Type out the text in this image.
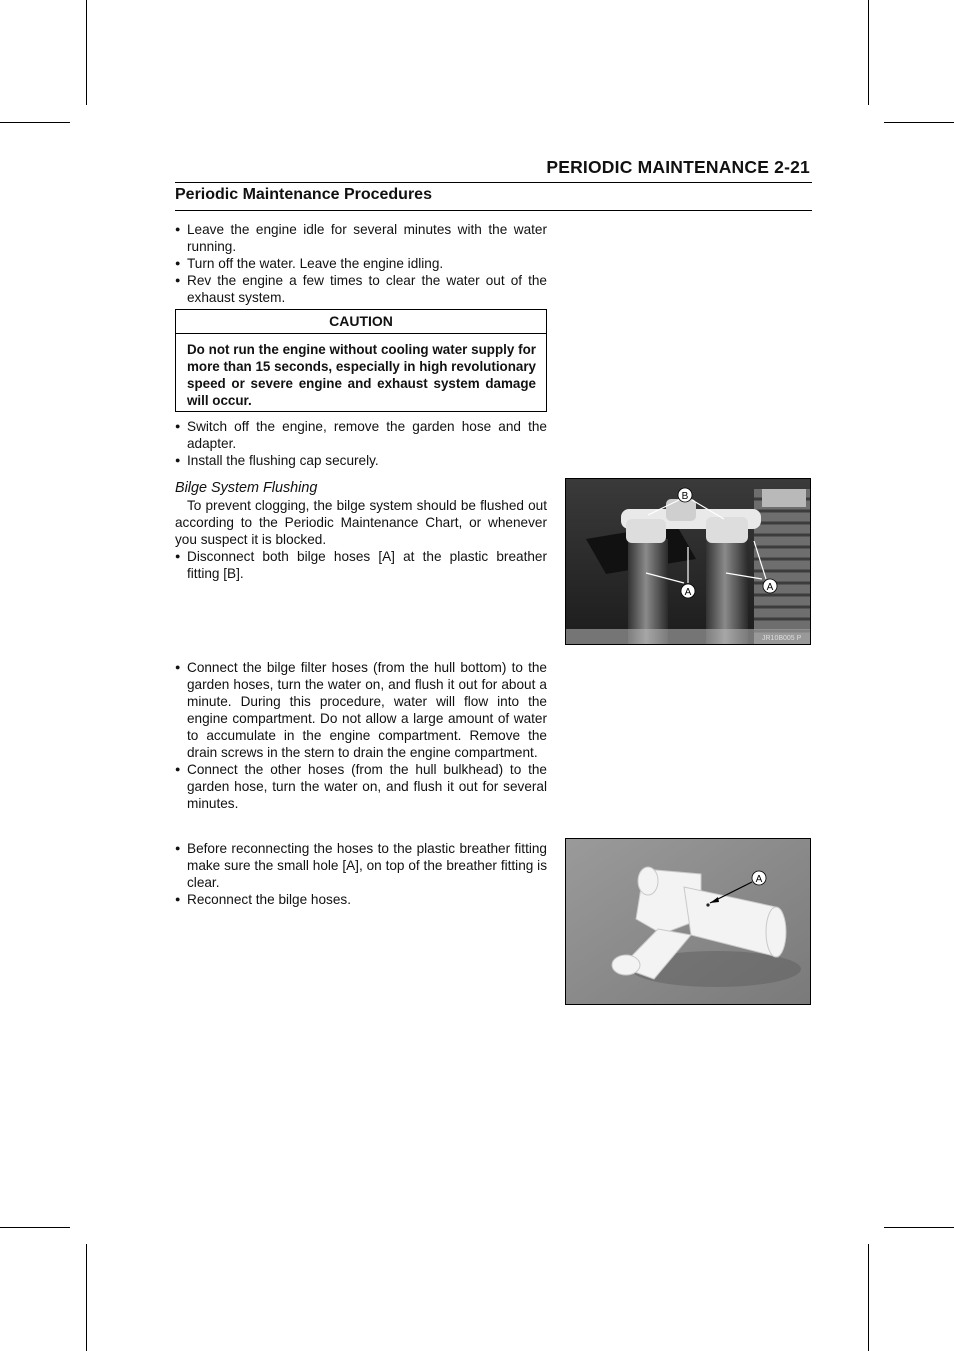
PERIODIC MAINTENANCE 2-21
Periodic Maintenance Procedures
● Leave the engine idle for several minutes with the water running.
● Turn off the water. Leave the engine idling.
● Rev the engine a few times to clear the water out of the exhaust system.
CAUTION
Do not run the engine without cooling water supply for more than 15 seconds, especially in high revolutionary speed or severe engine and exhaust system damage will occur.
● Switch off the engine, remove the garden hose and the adapter.
● Install the flushing cap securely.
Bilge System Flushing
To prevent clogging, the bilge system should be flushed out according to the Periodic Maintenance Chart, or whenever you suspect it is blocked.
● Disconnect both bilge hoses [A] at the plastic breather fitting [B].
● Connect the bilge filter hoses (from the hull bottom) to the garden hoses, turn the water on, and flush it out for about a minute. During this procedure, water will flow into the engine compartment. Do not allow a large amount of water to accumulate in the engine compartment. Remove the drain screws in the stern to drain the engine compartment.
● Connect the other hoses (from the hull bulkhead) to the garden hose, turn the water on, and flush it out for several minutes.
● Before reconnecting the hoses to the plastic breather fitting make sure the small hole [A], on top of the breather fitting is clear.
● Reconnect the bilge hoses.
B
A	A
JR10B005 P
A
